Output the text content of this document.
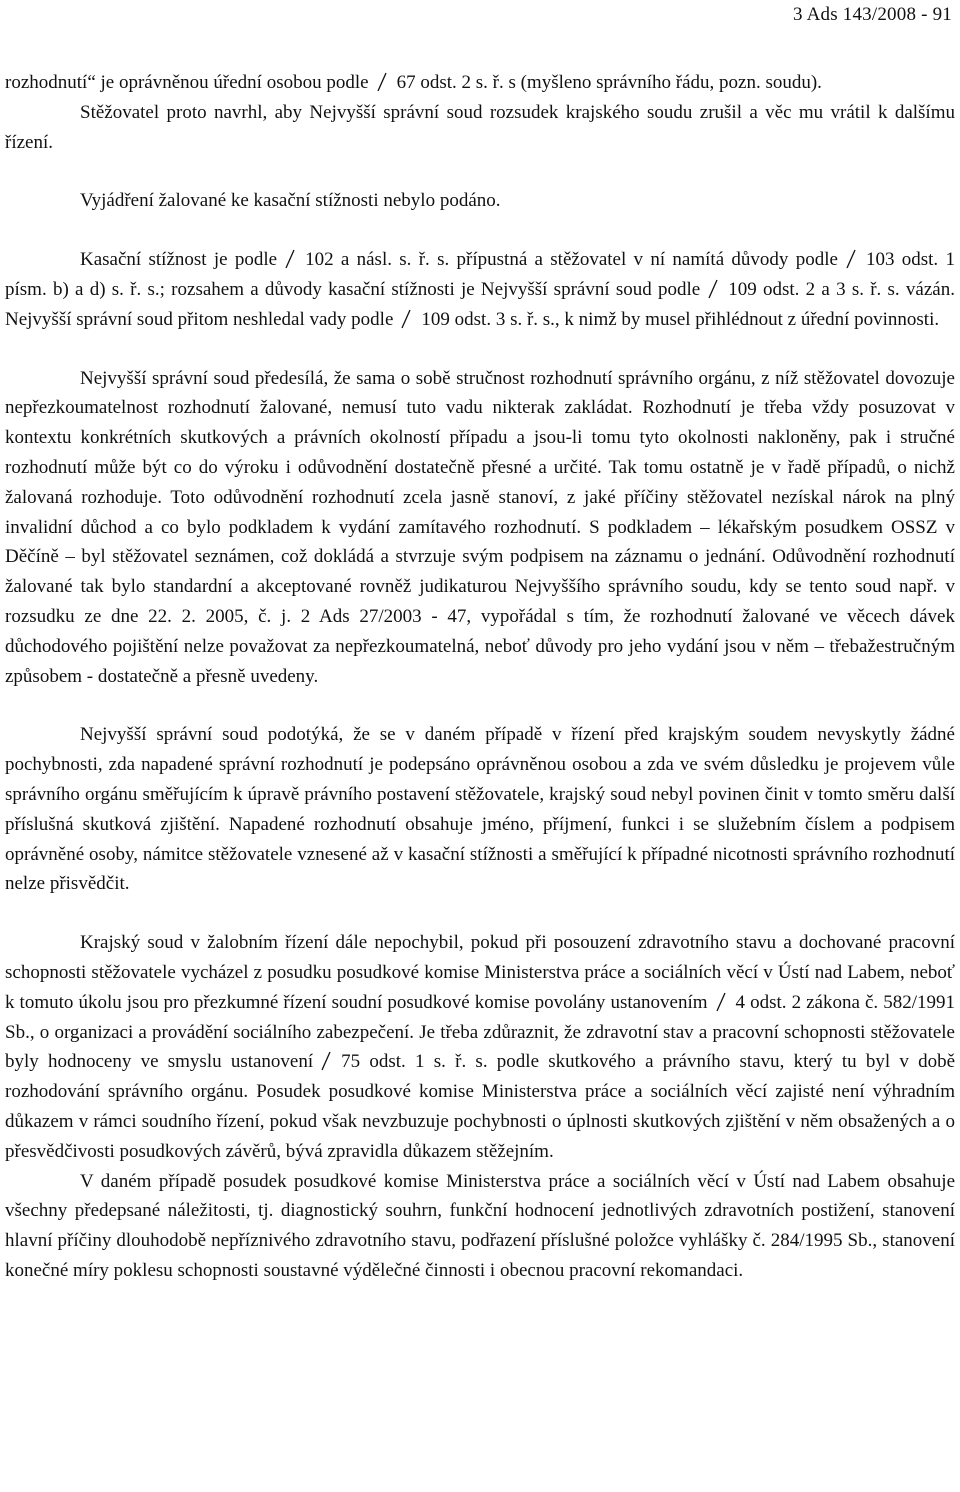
3 Ads 143/2008 - 91

rozhodnutí“ je oprávněnou úřední osobou podle 67 odst. 2 s. ř. s (myšleno správního řádu, pozn. soudu).

Stěžovatel proto navrhl, aby Nejvyšší správní soud rozsudek krajského soudu zrušil a věc mu vrátil k dalšímu řízení.

Vyjádření žalované ke kasační stížnosti nebylo podáno.

Kasační stížnost je podle 102 a násl. s. ř. s. přípustná a stěžovatel v ní namítá důvody podle 103 odst. 1 písm. b) a d) s. ř. s.; rozsahem a důvody kasační stížnosti je Nejvyšší správní soud podle 109 odst. 2 a 3 s. ř. s. vázán. Nejvyšší správní soud přitom neshledal vady podle 109 odst. 3 s. ř. s., k nimž by musel přihlédnout z úřední povinnosti.

Nejvyšší správní soud předesílá, že sama o sobě stručnost rozhodnutí správního orgánu, z níž stěžovatel dovozuje nepřezkoumatelnost rozhodnutí žalované, nemusí tuto vadu nikterak zakládat. Rozhodnutí je třeba vždy posuzovat v kontextu konkrétních skutkových a právních okolností případu a jsou-li tomu tyto okolnosti nakloněny, pak i stručné rozhodnutí může být co do výroku i odůvodnění dostatečně přesné a určité. Tak tomu ostatně je v řadě případů, o nichž žalovaná rozhoduje. Toto odůvodnění rozhodnutí zcela jasně stanoví, z jaké příčiny stěžovatel nezískal nárok na plný invalidní důchod a co bylo podkladem k vydání zamítavého rozhodnutí. S podkladem – lékařským posudkem OSSZ v Děčíně – byl stěžovatel seznámen, což dokládá a stvrzuje svým podpisem na záznamu o jednání. Odůvodnění rozhodnutí žalované tak bylo standardní a akceptované rovněž judikaturou Nejvyššího správního soudu, kdy se tento soud např. v rozsudku ze dne 22. 2. 2005, č. j. 2 Ads 27/2003 - 47, vypořádal s tím, že rozhodnutí žalované ve věcech dávek důchodového pojištění nelze považovat za nepřezkoumatelná, neboť důvody pro jeho vydání jsou v něm – třebažestručným způsobem - dostatečně a přesně uvedeny.

Nejvyšší správní soud podotýká, že se v daném případě v řízení před krajským soudem nevyskytly žádné pochybnosti, zda napadené správní rozhodnutí je podepsáno oprávněnou osobou a zda ve svém důsledku je projevem vůle správního orgánu směřujícím k úpravě právního postavení stěžovatele, krajský soud nebyl povinen činit v tomto směru další příslušná skutková zjištění. Napadené rozhodnutí obsahuje jméno, příjmení, funkci i se služebním číslem a podpisem oprávněné osoby, námitce stěžovatele vznesené až v kasační stížnosti a směřující k případné nicotnosti správního rozhodnutí nelze přisvědčit.

Krajský soud v žalobním řízení dále nepochybil, pokud při posouzení zdravotního stavu a dochované pracovní schopnosti stěžovatele vycházel z posudku posudkové komise Ministerstva práce a sociálních věcí v Ústí nad Labem, neboť k tomuto úkolu jsou pro přezkumné řízení soudní posudkové komise povolány ustanovením 4 odst. 2 zákona č. 582/1991 Sb., o organizaci a provádění sociálního zabezpečení. Je třeba zdůraznit, že zdravotní stav a pracovní schopnosti stěžovatele byly hodnoceny ve smyslu ustanovení 75 odst. 1 s. ř. s. podle skutkového a právního stavu, který tu byl v době rozhodování správního orgánu. Posudek posudkové komise Ministerstva práce a sociálních věcí zajisté není výhradním důkazem v rámci soudního řízení, pokud však nevzbuzuje pochybnosti o úplnosti skutkových zjištění v něm obsažených a o přesvědčivosti posudkových závěrů, bývá zpravidla důkazem stěžejním.

V daném případě posudek posudkové komise Ministerstva práce a sociálních věcí v Ústí nad Labem obsahuje všechny předepsané náležitosti, tj. diagnostický souhrn, funkční hodnocení jednotlivých zdravotních postižení, stanovení hlavní příčiny dlouhodobě nepříznivého zdravotního stavu, podřazení příslušné položce vyhlášky č. 284/1995 Sb., stanovení konečné míry poklesu schopnosti soustavné výdělečné činnosti i obecnou pracovní rekomandaci.
